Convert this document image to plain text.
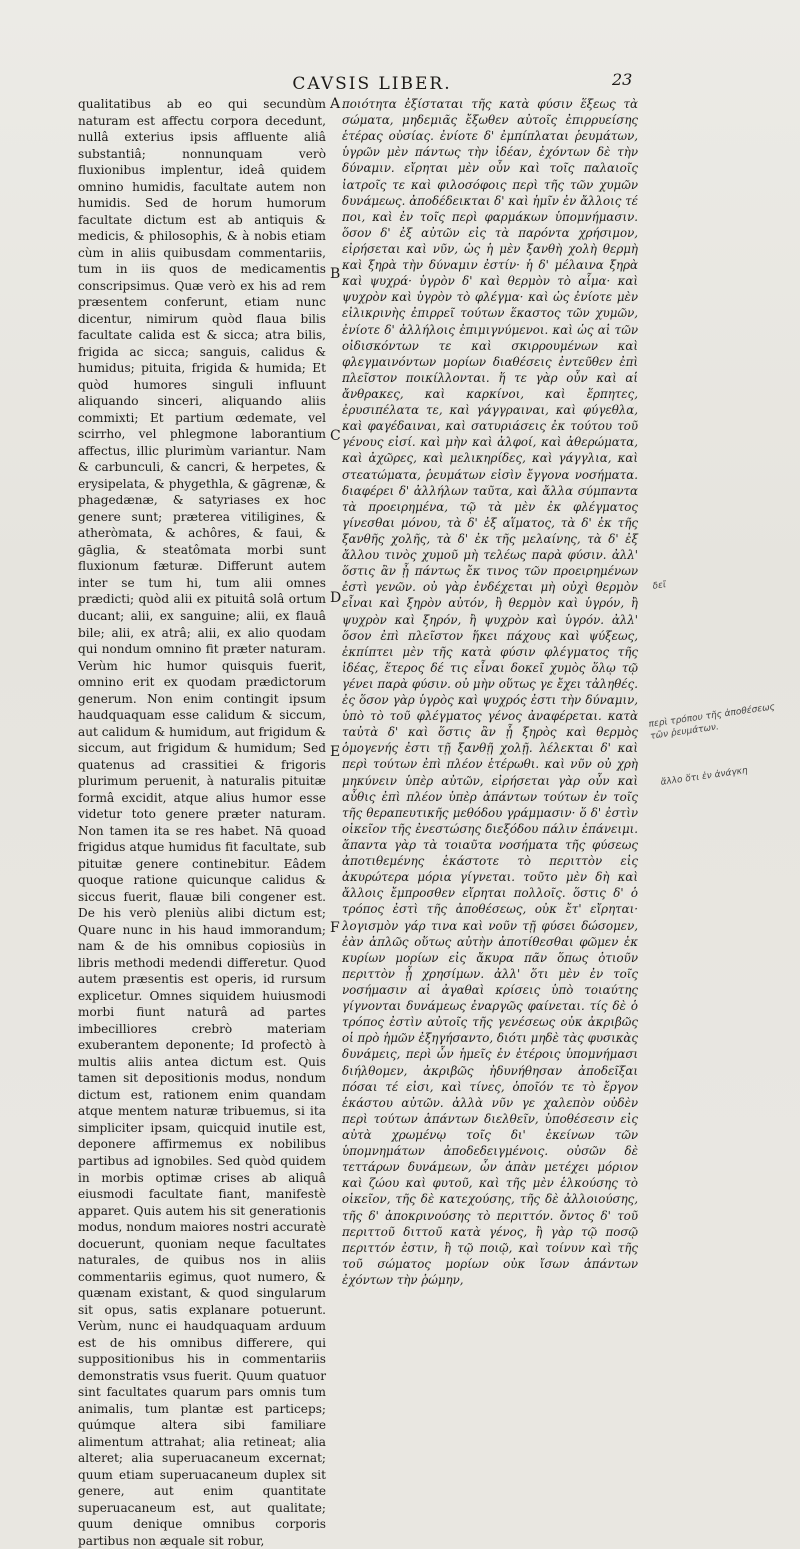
CAVSIS LIBER.	23

qualitatibus ab eo qui secundùm naturam est affectu corpora decedunt, nullâ exterius ipsis affluente aliâ substantiâ; nonnunquam verò fluxionibus implentur, ideâ quidem omnino humidis, facultate autem non humidis. Sed de horum humorum facultate dictum est ab antiquis & medicis, & philosophis, & à nobis etiam cùm in aliis quibusdam commentariis, tum in iis quos de medicamentis conscripsimus. Quæ verò ex his ad rem præsentem conferunt, etiam nunc dicentur, nimirum quòd flaua bilis facultate calida est & sicca; atra bilis, frigida ac sicca; sanguis, calidus & humidus; pituita, frigida & humida; Et quòd humores singuli influunt aliquando sinceri, aliquando aliis commixti; Et partium œdemate, vel scirrho, vel phlegmone laborantium affectus, illic plurimùm variantur. Nam & carbunculi, & cancri, & herpetes, & erysipelata, & phygethla, & gāgrenæ, & phagedænæ, & satyriases ex hoc genere sunt; præterea vitiligines, & atheròmata, & achôres, & faui, & gāglia, & steatômata morbi sunt fluxionum fæturæ. Differunt autem inter se tum hi, tum alii omnes prædicti; quòd alii ex pituitâ solâ ortum ducant; alii, ex sanguine; alii, ex flauâ bile; alii, ex atrâ; alii, ex alio quodam qui nondum omnino fit præter naturam. Verùm hic humor quisquis fuerit, omnino erit ex quodam prædictorum generum. Non enim contingit ipsum haudquaquam esse calidum & siccum, aut calidum & humidum, aut frigidum & siccum, aut frigidum & humidum; Sed quatenus ad crassitiei & frigoris plurimum peruenit, à naturalis pituitæ formâ excidit, atque alius humor esse videtur toto genere præter naturam. Non tamen ita se res habet. Nā quoad frigidus atque humidus fit facultate, sub pituitæ genere continebitur. Eâdem quoque ratione quicunque calidus & siccus fuerit, flauæ bili congener est. De his verò pleniùs alibi dictum est; Quare nunc in his haud immorandum; nam & de his omnibus copiosiùs in libris methodi medendi differetur. Quod autem præsentis est operis, id rursum explicetur. Omnes siquidem huiusmodi morbi fiunt naturâ ad partes imbecilliores crebrò materiam exuberantem deponente; Id profectò à multis aliis antea dictum est. Quis tamen sit depositionis modus, nondum dictum est, rationem enim quandam atque mentem naturæ tribuemus, si ita simpliciter ipsam, quicquid inutile est, deponere affirmemus ex nobilibus partibus ad ignobiles. Sed quòd quidem in morbis optimæ crises ab aliquâ eiusmodi facultate fiant, manifestè apparet. Quis autem his sit generationis modus, nondum maiores nostri accuratè docuerunt, quoniam neque facultates naturales, de quibus nos in aliis commentariis egimus, quot numero, & quænam existant, & quod singularum sit opus, satis explanare potuerunt. Verùm, nunc ei haudquaquam arduum est de his omnibus differere, qui suppositionibus his in commentariis demonstratis vsus fuerit. Quum quatuor sint facultates quarum pars omnis tum animalis, tum plantæ est particeps; quúmque altera sibi familiare alimentum attrahat; alia retineat; alia alteret; alia superuacaneum excernat; quum etiam superuacaneum duplex sit genere, aut enim quantitate superuacaneum est, aut qualitate; quum denique omnibus corporis partibus non æquale sit robur,

ποιότητα ἐξίσταται τῆς κατὰ φύσιν ἕξεως τὰ σώματα, μηδεμιᾶς ἔξωθεν αὐτοῖς ἐπιρρυείσης ἑτέρας οὐσίας. ἐνίοτε δ' ἐμπίπλαται ῥευμάτων, ὑγρῶν μὲν πάντως τὴν ἰδέαν, ἐχόντων δὲ τὴν δύναμιν. εἴρηται μὲν οὖν καὶ τοῖς παλαιοῖς ἰατροῖς τε καὶ φιλοσόφοις περὶ τῆς τῶν χυμῶν δυνάμεως. ἀποδέδεικται δ' καὶ ἡμῖν ἐν ἄλλοις τέ ποι, καὶ ἐν τοῖς περὶ φαρμάκων ὑπομνήμασιν. ὅσον δ' ἐξ αὐτῶν εἰς τὰ παρόντα χρήσιμον, εἰρήσεται καὶ νῦν, ὡς ἡ μὲν ξανθὴ χολὴ θερμὴ καὶ ξηρὰ τὴν δύναμιν ἐστίν· ἡ δ' μέλαινα ξηρὰ καὶ ψυχρά· ὑγρὸν δ' καὶ θερμὸν τὸ αἷμα· καὶ ψυχρὸν καὶ ὑγρὸν τὸ φλέγμα· καὶ ὡς ἐνίοτε μὲν εἰλικρινὴς ἐπιρρεῖ τούτων ἕκαστος τῶν χυμῶν, ἐνίοτε δ' ἀλλήλοις ἐπιμιγνύμενοι. καὶ ὡς αἱ τῶν οἰδισκόντων τε καὶ σκιρρουμένων καὶ φλεγμαινόντων μορίων διαθέσεις ἐντεῦθεν ἐπὶ πλεῖστον ποικίλλονται. ἥ τε γὰρ οὖν καὶ αἱ ἄνθρακες, καὶ καρκίνοι, καὶ ἕρπητες, ἐρυσιπέλατα τε, καὶ γάγγραιναι, καὶ φύγεθλα, καὶ φαγέδαιναι, καὶ σατυριάσεις ἐκ τούτου τοῦ γένους εἰσί. καὶ μὴν καὶ ἀλφοί, καὶ ἀθερώματα, καὶ ἀχῶρες, καὶ μελικηρίδες, καὶ γάγγλια, καὶ στεατώματα, ῥευμάτων εἰσὶν ἔγγονα νοσήματα. διαφέρει δ' ἀλλήλων ταῦτα, καὶ ἄλλα σύμπαντα τὰ προειρημένα, τῷ τὰ μὲν ἐκ φλέγματος γίνεσθαι μόνου, τὰ δ' ἐξ αἵματος, τὰ δ' ἐκ τῆς ξανθῆς χολῆς, τὰ δ' ἐκ τῆς μελαίνης, τὰ δ' ἐξ ἄλλου τινὸς χυμοῦ μὴ τελέως παρὰ φύσιν. ἀλλ' ὅστις ἂν ᾖ πάντως ἔκ τινος τῶν προειρημένων ἐστὶ γενῶν. οὐ γὰρ ἐνδέχεται μὴ οὐχὶ θερμὸν εἶναι καὶ ξηρὸν αὐτόν, ἢ θερμὸν καὶ ὑγρόν, ἢ ψυχρὸν καὶ ξηρόν, ἢ ψυχρὸν καὶ ὑγρόν. ἀλλ' ὅσον ἐπὶ πλεῖστον ἥκει πάχους καὶ ψύξεως, ἐκπίπτει μὲν τῆς κατὰ φύσιν φλέγματος τῆς ἰδέας, ἕτερος δέ τις εἶναι δοκεῖ χυμὸς ὅλῳ τῷ γένει παρὰ φύσιν. οὐ μὴν οὕτως γε ἔχει τἀληθές. ἐς ὅσον γὰρ ὑγρὸς καὶ ψυχρός ἐστι τὴν δύναμιν, ὑπὸ τὸ τοῦ φλέγματος γένος ἀναφέρεται. κατὰ ταὐτὰ δ' καὶ ὅστις ἂν ᾖ ξηρὸς καὶ θερμὸς ὁμογενής ἐστι τῇ ξανθῇ χολῇ. λέλεκται δ' καὶ περὶ τούτων ἐπὶ πλέον ἑτέρωθι. καὶ νῦν οὐ χρὴ μηκύνειν ὑπὲρ αὐτῶν, εἰρήσεται γὰρ οὖν καὶ αὖθις ἐπὶ πλέον ὑπὲρ ἁπάντων τούτων ἐν τοῖς τῆς θεραπευτικῆς μεθόδου γράμμασιν· ὅ δ' ἐστὶν οἰκεῖον τῆς ἐνεστώσης διεξόδου πάλιν ἐπάνειμι. ἅπαντα γὰρ τὰ τοιαῦτα νοσήματα τῆς φύσεως ἀποτιθεμένης ἑκάστοτε τὸ περιττὸν εἰς ἀκυρώτερα μόρια γίγνεται. τοῦτο μὲν δὴ καὶ ἄλλοις ἔμπροσθεν εἴρηται πολλοῖς. ὅστις δ' ὁ τρόπος ἐστὶ τῆς ἀποθέσεως, οὐκ ἔτ' εἴρηται· λογισμὸν γάρ τινα καὶ νοῦν τῇ φύσει δώσομεν, ἐὰν ἁπλῶς οὕτως αὐτὴν ἀποτίθεσθαι φῶμεν ἐκ κυρίων μορίων εἰς ἄκυρα πᾶν ὅπως ὁτιοῦν περιττὸν ᾖ χρησίμων. ἀλλ' ὅτι μὲν ἐν τοῖς νοσήμασιν αἱ ἀγαθαὶ κρίσεις ὑπὸ τοιαύτης γίγνονται δυνάμεως ἐναργῶς φαίνεται. τίς δὲ ὁ τρόπος ἐστὶν αὐτοῖς τῆς γενέσεως οὐκ ἀκριβῶς οἱ πρὸ ἡμῶν ἐξηγήσαντο, διότι μηδὲ τὰς φυσικὰς δυνάμεις, περὶ ὧν ἡμεῖς ἐν ἑτέροις ὑπομνήμασι διήλθομεν, ἀκριβῶς ἠδυνήθησαν ἀποδεῖξαι πόσαι τέ εἰσι, καὶ τίνες, ὁποῖόν τε τὸ ἔργον ἑκάστου αὐτῶν. ἀλλὰ νῦν γε χαλεπὸν οὐδὲν περὶ τούτων ἁπάντων διελθεῖν, ὑποθέσεσιν εἰς αὐτὰ χρωμένῳ τοῖς δι' ἐκείνων τῶν ὑπομνημάτων ἀποδεδειγμένοις. οὐσῶν δὲ τεττάρων δυνάμεων, ὧν ἁπὰν μετέχει μόριον καὶ ζώου καὶ φυτοῦ, καὶ τῆς μὲν ἑλκούσης τὸ οἰκεῖον, τῆς δὲ κατεχούσης, τῆς δὲ ἀλλοιούσης, τῆς δ' ἀποκρινούσης τὸ περιττόν. ὄντος δ' τοῦ περιττοῦ διττοῦ κατὰ γένος, ἢ γὰρ τῷ ποσῷ περιττόν ἐστιν, ἢ τῷ ποιῷ, καὶ τοίνυν καὶ τῆς τοῦ σώματος μορίων οὐκ ἴσων ἁπάντων ἐχόντων τὴν ῥώμην,

A
B
C
D
E
F
περὶ τρόπου τῆς ἀποθέσεως τῶν ῥευμάτων.
δεῖ
ἄλλο ὅτι ἐν ἀνάγκη
